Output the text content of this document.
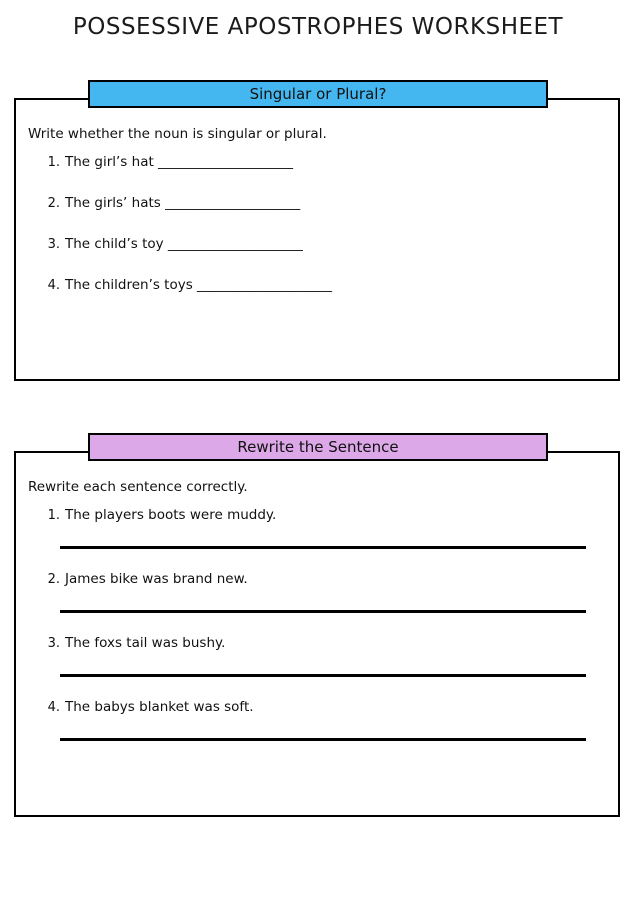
POSSESSIVE APOSTROPHES WORKSHEET
Write whether the noun is singular or plural.
1. The girl’s hat ____________________
2. The girls’ hats ____________________
3. The child’s toy ____________________
4. The children’s toys ____________________
Singular or Plural?
Rewrite each sentence correctly.
1. The players boots were muddy.
2. James bike was brand new.
3. The foxs tail was bushy.
4. The babys blanket was soft.
Rewrite the Sentence
